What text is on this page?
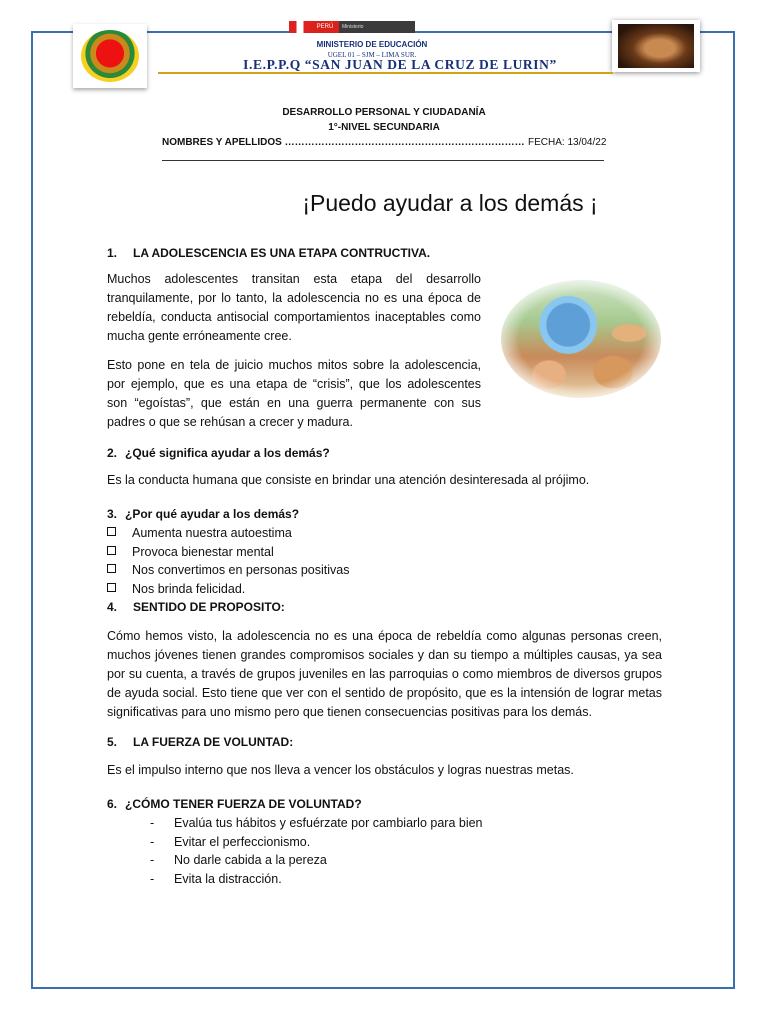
PERÚ	Ministerio
MINISTERIO DE EDUCACIÓN
UGEL 01 – SJM – LIMA SUR.
I.E.P.P.Q “SAN JUAN DE LA CRUZ DE LURIN”
DESARROLLO PERSONAL Y CIUDADANÍA
1°-NIVEL SECUNDARIA
NOMBRES Y APELLIDOS ……………………………………………………………… FECHA: 13/04/22
¡Puedo ayudar a los demás ¡
1. LA ADOLESCENCIA ES UNA ETAPA CONTRUCTIVA.
Muchos adolescentes transitan esta etapa del desarrollo tranquilamente, por lo tanto, la adolescencia no es una época de rebeldía, conducta antisocial comportamientos inaceptables como mucha gente erróneamente cree.
Esto pone en tela de juicio muchos mitos sobre la adolescencia, por ejemplo, que es una etapa de “crisis”, que los adolescentes son “egoístas”, que están en una guerra permanente con sus padres o que se rehúsan a crecer y madura.
2. ¿Qué significa ayudar a los demás?
Es la conducta humana que consiste en brindar una atención desinteresada al prójimo.
3. ¿Por qué ayudar a los demás?
Aumenta nuestra autoestima
Provoca bienestar mental
Nos convertimos en personas positivas
Nos brinda felicidad.
4. SENTIDO DE PROPOSITO:
Cómo hemos visto, la adolescencia no es una época de rebeldía como algunas personas creen, muchos jóvenes tienen grandes compromisos sociales y dan su tiempo a múltiples causas, ya sea por su cuenta, a través de grupos juveniles en las parroquias o como miembros de diversos grupos de ayuda social. Esto tiene que ver con el sentido de propósito, que es la intensión de lograr metas significativas para uno mismo pero que tienen consecuencias positivas para los demás.
5. LA FUERZA DE VOLUNTAD:
Es el impulso interno que nos lleva a vencer los obstáculos y logras nuestras metas.
6. ¿CÓMO TENER FUERZA DE VOLUNTAD?
- Evalúa tus hábitos y esfuérzate por cambiarlo para bien
- Evitar el perfeccionismo.
- No darle cabida a la pereza
- Evita la distracción.
